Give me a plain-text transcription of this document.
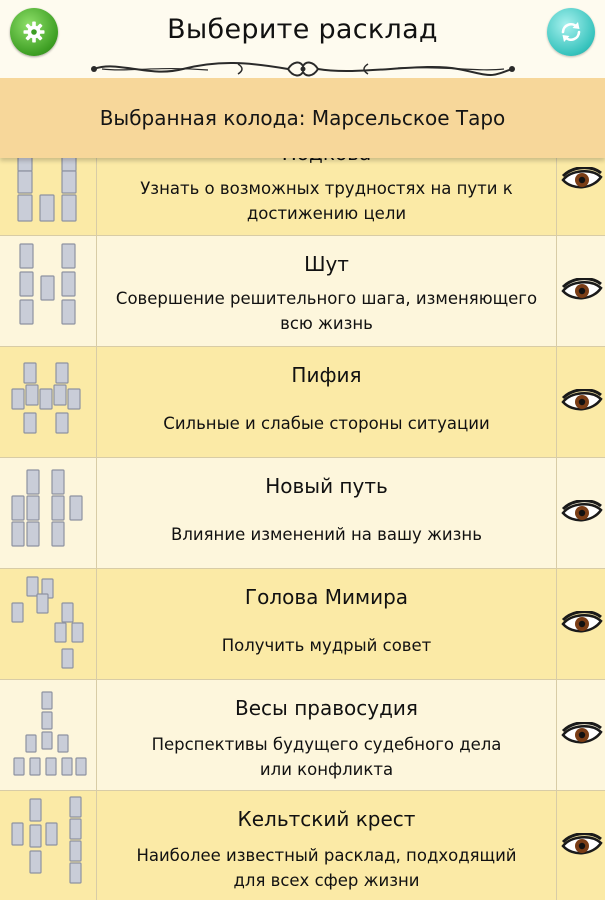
Выберите расклад
Выбранная колода: Марсельское Таро
Узнать о возможных трудностях на пути к
достижению цели
Шут
Совершение решительного шага, изменяющего
всю жизнь
Пифия
Сильные и слабые стороны ситуации
Новый путь
Влияние изменений на вашу жизнь
Голова Мимира
Получить мудрый совет
Весы правосудия
Перспективы будущего судебного дела
или конфликта
Кельтский крест
Наиболее известный расклад, подходящий
для всех сфер жизни
